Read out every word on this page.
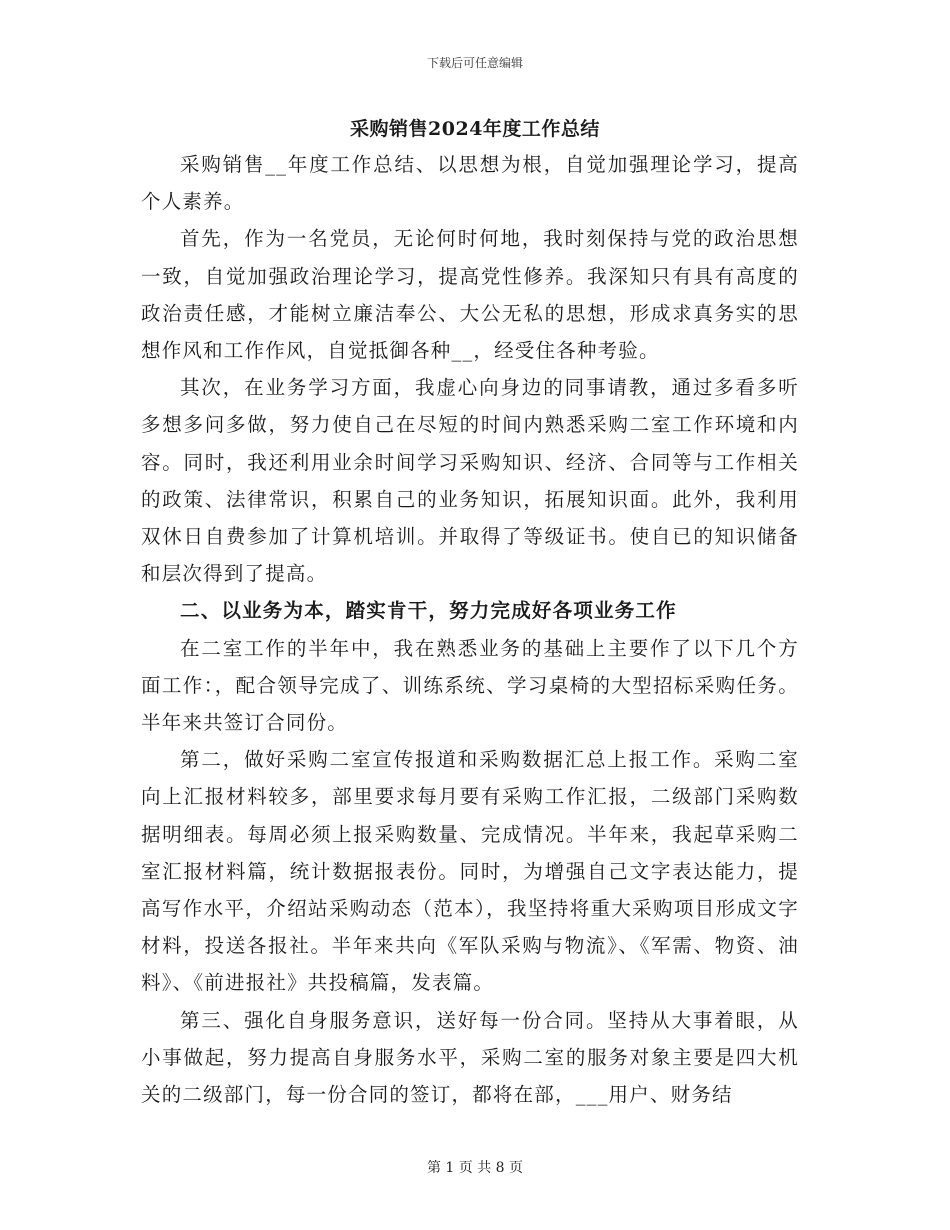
下载后可任意编辑
采购销售2024年度工作总结

采购销售__年度工作总结、以思想为根，自觉加强理论学习，提高个人素养。

首先，作为一名党员，无论何时何地，我时刻保持与党的政治思想一致，自觉加强政治理论学习，提高党性修养。我深知只有具有高度的政治责任感，才能树立廉洁奉公、大公无私的思想，形成求真务实的思想作风和工作作风，自觉抵御各种__，经受住各种考验。

其次，在业务学习方面，我虚心向身边的同事请教，通过多看多听多想多问多做，努力使自己在尽短的时间内熟悉采购二室工作环境和内容。同时，我还利用业余时间学习采购知识、经济、合同等与工作相关的政策、法律常识，积累自己的业务知识，拓展知识面。此外，我利用双休日自费参加了计算机培训。并取得了等级证书。使自已的知识储备和层次得到了提高。

二、以业务为本，踏实肯干，努力完成好各项业务工作

在二室工作的半年中，我在熟悉业务的基础上主要作了以下几个方面工作：，配合领导完成了、训练系统、学习桌椅的大型招标采购任务。半年来共签订合同份。

第二，做好采购二室宣传报道和采购数据汇总上报工作。采购二室向上汇报材料较多，部里要求每月要有采购工作汇报，二级部门采购数据明细表。每周必须上报采购数量、完成情况。半年来，我起草采购二室汇报材料篇，统计数据报表份。同时，为增强自己文字表达能力，提高写作水平，介绍站采购动态（范本），我坚持将重大采购项目形成文字材料，投送各报社。半年来共向《军队采购与物流》、《军需、物资、油料》、《前进报社》共投稿篇，发表篇。

第三、强化自身服务意识，送好每一份合同。坚持从大事着眼，从小事做起，努力提高自身服务水平，采购二室的服务对象主要是四大机关的二级部门，每一份合同的签订，都将在部，___用户、财务结

第 1 页 共 8 页
